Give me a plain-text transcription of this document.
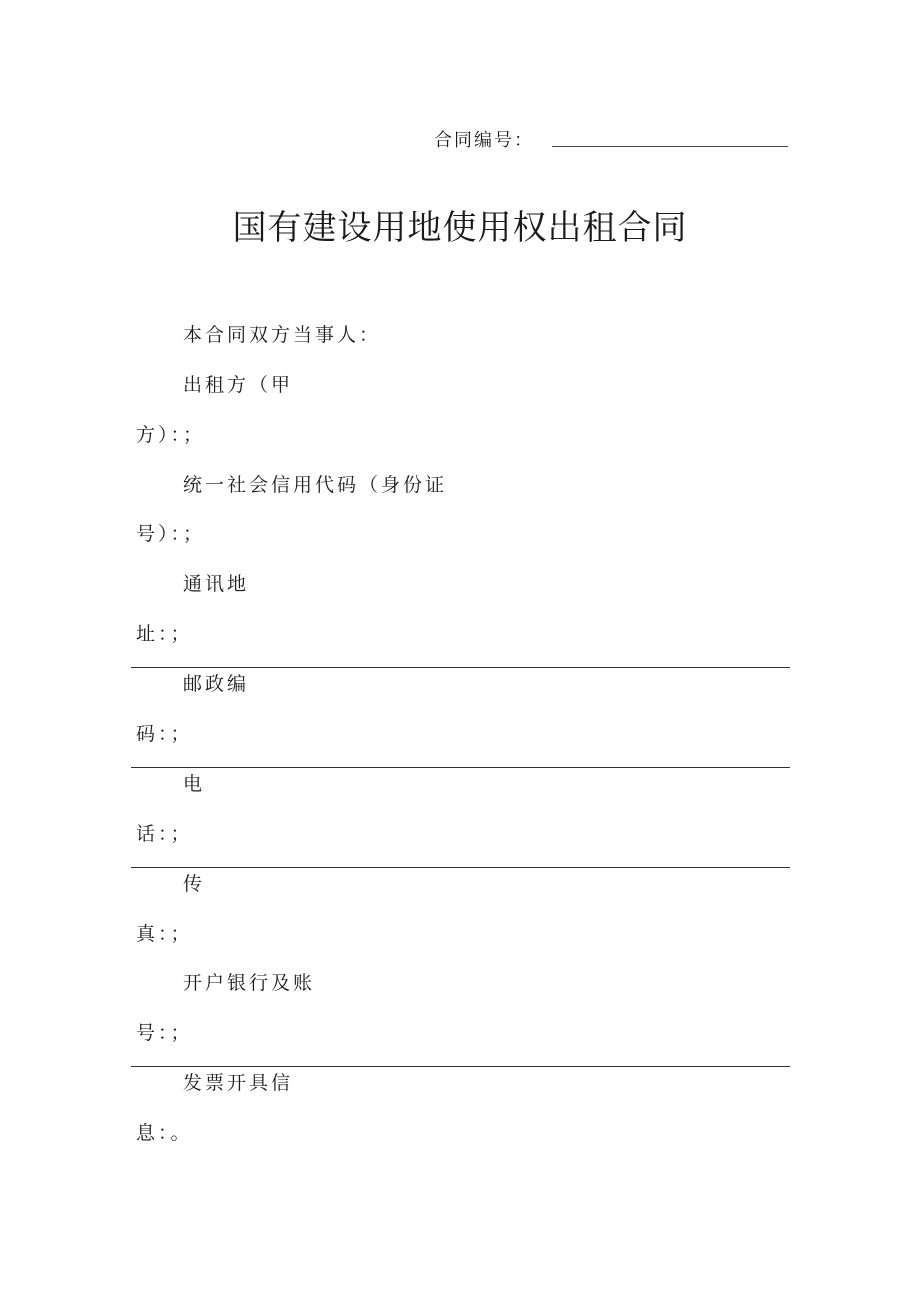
合同编号：
国有建设用地使用权出租合同
本合同双方当事人：
出租方（甲
方）：；
统一社会信用代码（身份证
号）：；
通讯地
址：；
邮政编
码：；
电
话：；
传
真：；
开户银行及账
号：；
发票开具信
息：。
